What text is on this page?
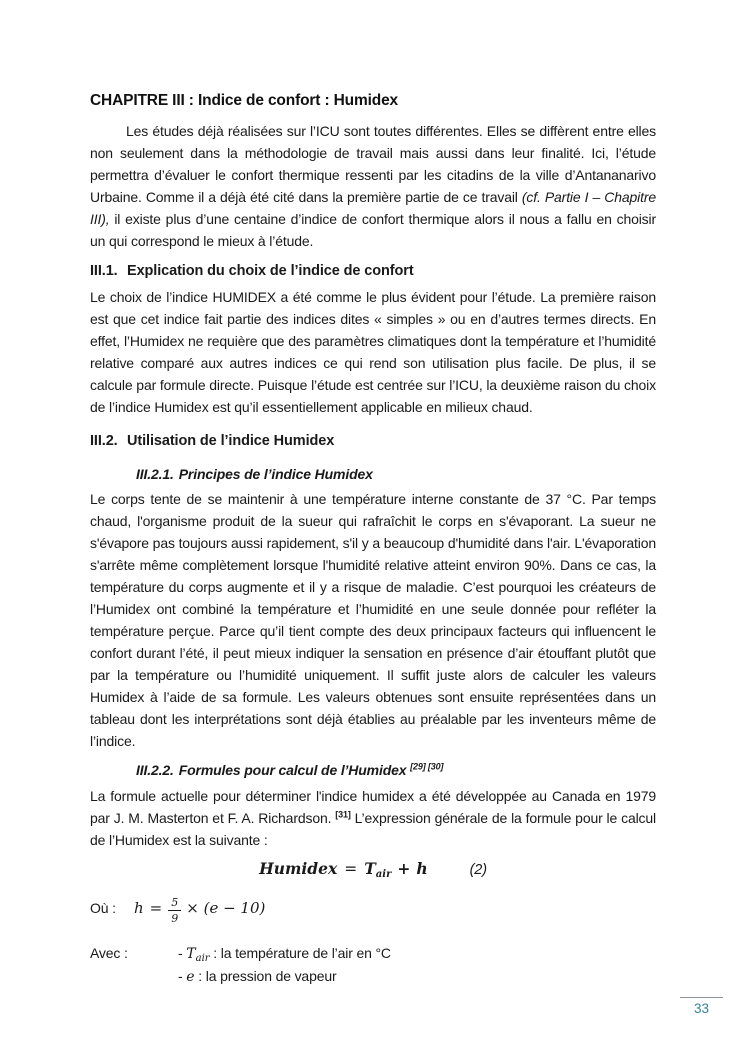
CHAPITRE III : Indice de confort : Humidex

Les études déjà réalisées sur l’ICU sont toutes différentes. Elles se diffèrent entre elles non seulement dans la méthodologie de travail mais aussi dans leur finalité. Ici, l’étude permettra d’évaluer le confort thermique ressenti par les citadins de la ville d’Antananarivo Urbaine. Comme il a déjà été cité dans la première partie de ce travail (cf. Partie I – Chapitre III), il existe plus d’une centaine d’indice de confort thermique alors il nous a fallu en choisir un qui correspond le mieux à l’étude.

III.1. Explication du choix de l’indice de confort

Le choix de l’indice HUMIDEX a été comme le plus évident pour l’étude. La première raison est que cet indice fait partie des indices dites « simples » ou en d’autres termes directs. En effet, l’Humidex ne requière que des paramètres climatiques dont la température et l’humidité relative comparé aux autres indices ce qui rend son utilisation plus facile. De plus, il se calcule par formule directe. Puisque l’étude est centrée sur l’ICU, la deuxième raison du choix de l’indice Humidex est qu’il essentiellement applicable en milieux chaud.

III.2. Utilisation de l’indice Humidex
III.2.1. Principes de l’indice Humidex

Le corps tente de se maintenir à une température interne constante de 37 °C. Par temps chaud, l'organisme produit de la sueur qui rafraîchit le corps en s'évaporant. La sueur ne s'évapore pas toujours aussi rapidement, s'il y a beaucoup d'humidité dans l'air. L'évaporation s'arrête même complètement lorsque l'humidité relative atteint environ 90%. Dans ce cas, la température du corps augmente et il y a risque de maladie. C’est pourquoi les créateurs de l’Humidex ont combiné la température et l’humidité en une seule donnée pour refléter la température perçue. Parce qu’il tient compte des deux principaux facteurs qui influencent le confort durant l’été, il peut mieux indiquer la sensation en présence d’air étouffant plutôt que par la température ou l’humidité uniquement. Il suffit juste alors de calculer les valeurs Humidex à l’aide de sa formule. Les valeurs obtenues sont ensuite représentées dans un tableau dont les interprétations sont déjà établies au préalable par les inventeurs même de l’indice.

III.2.2. Formules pour calcul de l’Humidex [29] [30]

La formule actuelle pour déterminer l'indice humidex a été développée au Canada en 1979 par J. M. Masterton et F. A. Richardson. [31] L’expression générale de la formule pour le calcul de l’Humidex est la suivante :

Humidex = $T_{air} + h$	(2)
Où : $h = \frac{5}{9} \times (e - 10)$
Avec :	- $T_{air}$ : la température de l’air en °C
- e : la pression de vapeur
33
